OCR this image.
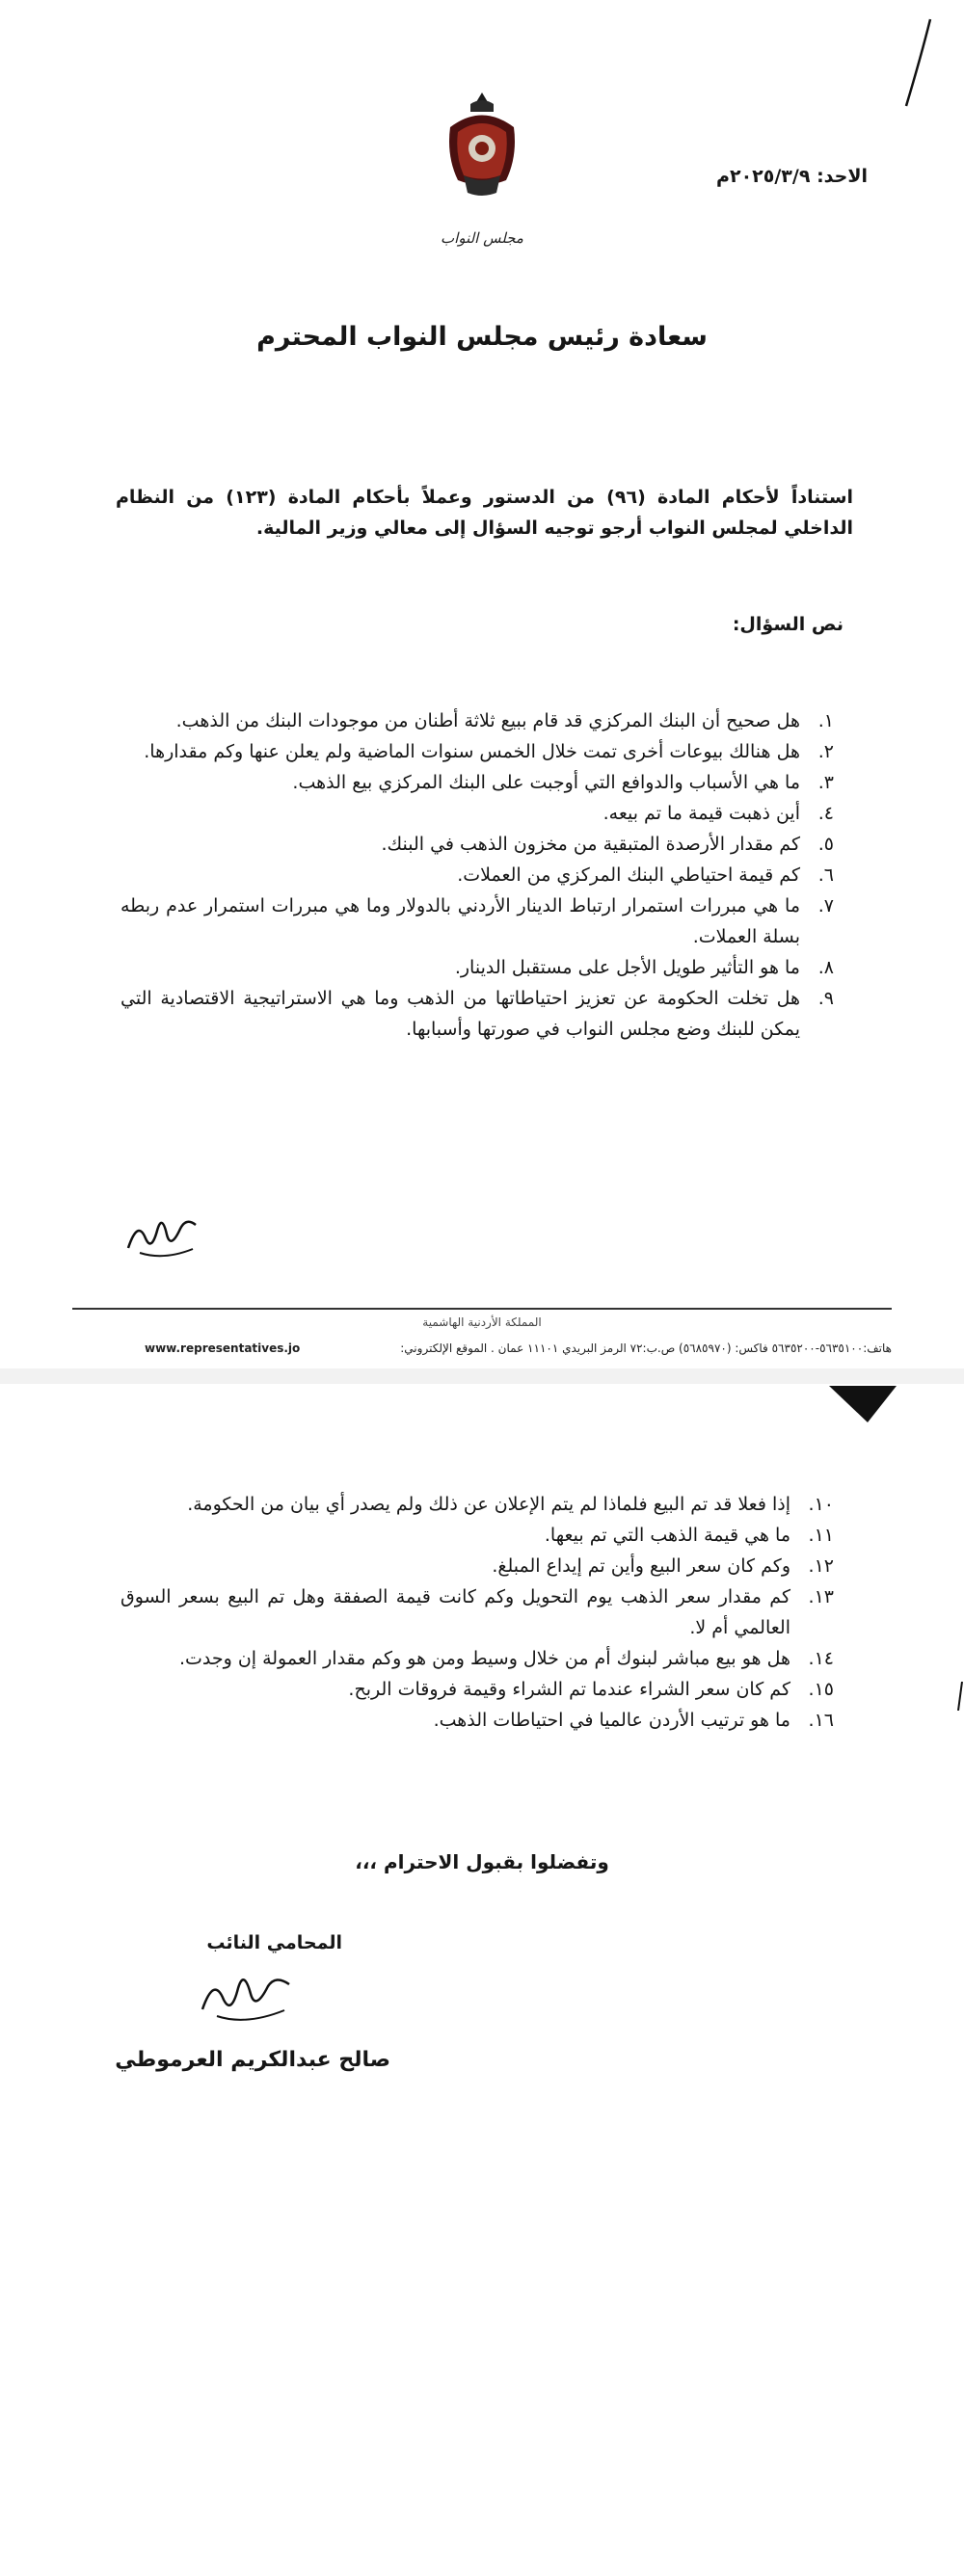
مجلس النواب
الاحد: ٢٠٢٥/٣/٩م
سعادة رئيس مجلس النواب المحترم
استناداً لأحكام المادة (٩٦) من الدستور وعملاً بأحكام المادة (١٢٣) من النظام الداخلي لمجلس النواب أرجو توجيه السؤال إلى معالي وزير المالية.
نص السؤال:
١.
هل صحيح أن البنك المركزي قد قام ببيع ثلاثة أطنان من موجودات البنك من الذهب.
٢.
هل هنالك بيوعات أخرى تمت خلال الخمس سنوات الماضية ولم يعلن عنها وكم مقدارها.
٣.
ما هي الأسباب والدوافع التي أوجبت على البنك المركزي بيع الذهب.
٤.
أين ذهبت قيمة ما تم بيعه.
٥.
كم مقدار الأرصدة المتبقية من مخزون الذهب في البنك.
٦.
كم قيمة احتياطي البنك المركزي من العملات.
٧.
ما هي مبررات استمرار ارتباط الدينار الأردني بالدولار وما هي مبررات استمرار عدم ربطه بسلة العملات.
٨.
ما هو التأثير طويل الأجل على مستقبل الدينار.
٩.
هل تخلت الحكومة عن تعزيز احتياطاتها من الذهب وما هي الاستراتيجية الاقتصادية التي يمكن للبنك وضع مجلس النواب في صورتها وأسبابها.
المملكة الأردنية الهاشمية
www.representatives.jo	هاتف:٥٦٣٥١٠٠-٥٦٣٥٢٠٠ فاكس: (٥٦٨٥٩٧٠) ص.ب:٧٢ الرمز البريدي ١١١٠١ عمان . الموقع الإلكتروني:
١٠.
إذا فعلا قد تم البيع فلماذا لم يتم الإعلان عن ذلك ولم يصدر أي بيان من الحكومة.
١١.
ما هي قيمة الذهب التي تم بيعها.
١٢.
وكم كان سعر البيع وأين تم إيداع المبلغ.
١٣.
كم مقدار سعر الذهب يوم التحويل وكم كانت قيمة الصفقة وهل تم البيع بسعر السوق العالمي أم لا.
١٤.
هل هو بيع مباشر لبنوك أم من خلال وسيط ومن هو وكم مقدار العمولة إن وجدت.
١٥.
كم كان سعر الشراء عندما تم الشراء وقيمة فروقات الربح.
١٦.
ما هو ترتيب الأردن عالميا في احتياطات الذهب.
وتفضلوا بقبول الاحترام ،،،
المحامي النائب
صالح عبدالكريم العرموطي
